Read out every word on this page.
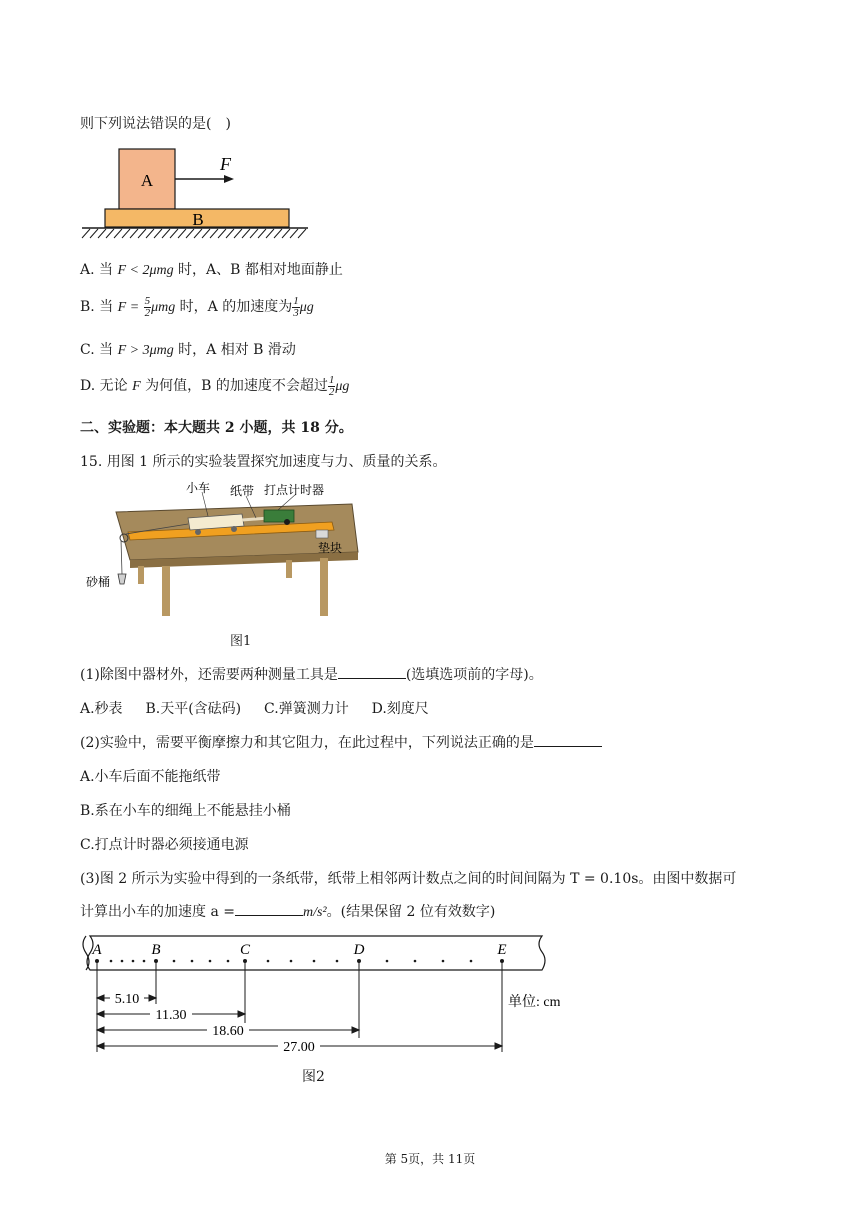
则下列说法错误的是(　)
A
B
F
A. 当 F < 2μmg 时，A、B 都相对地面静止
B. 当 $F = \frac{5}{2}$ μmg 时，A 的加速度为 $\frac{1}{3}$ μg
C. 当 F > 3μmg 时，A 相对 B 滑动
D. 无论 F 为何值，B 的加速度不会超过 $\frac{1}{2}$ μg
二、实验题：本大题共 2 小题，共 18 分。
15. 用图 1 所示的实验装置探究加速度与力、质量的关系。
小车 纸带 打点计时器
垫块
砂桶
图1
(1)除图中器材外，还需要两种测量工具是	(选填选项前的字母)。
A.秒表 B.天平(含砝码) C.弹簧测力计 D.刻度尺
(2)实验中，需要平衡摩擦力和其它阻力，在此过程中，下列说法正确的是
A.小车后面不能拖纸带
B.系在小车的细绳上不能悬挂小桶
C.打点计时器必须接通电源
(3)图 2 所示为实验中得到的一条纸带，纸带上相邻两计数点之间的时间间隔为 T = 0.10s。由图中数据可
计算出小车的加速度 a =	m/s²。(结果保留 2 位有效数字)
A	B	C	D	E
5.10
11.30
18.60
27.00
单位: cm
图2
第 5页，共 11页
